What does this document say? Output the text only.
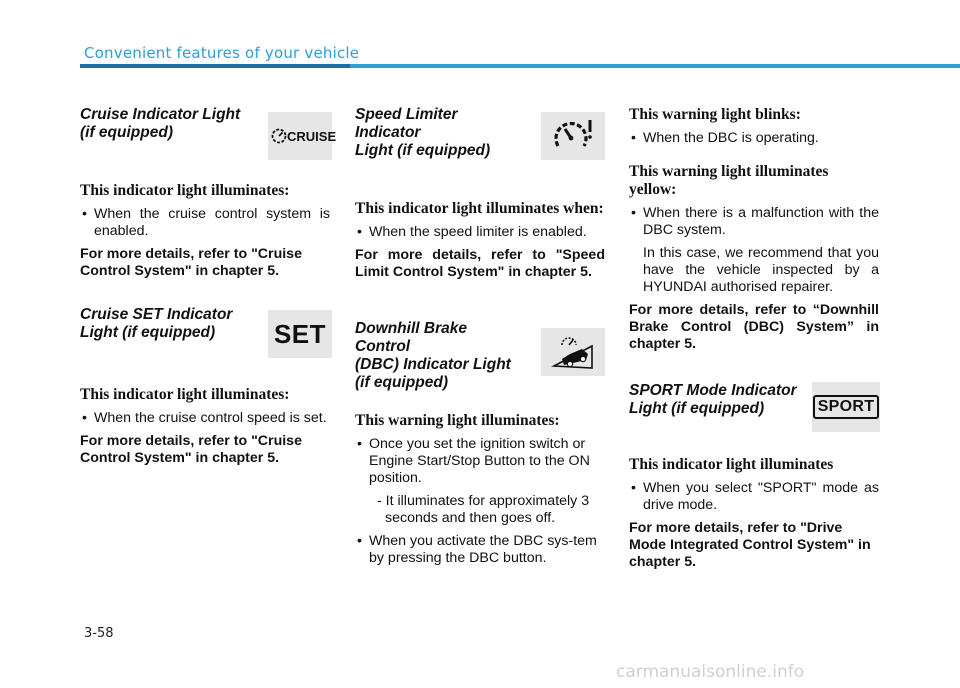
Convenient features of your vehicle

Cruise Indicator Light
(if equipped)	CRUISE

This indicator light illuminates:

• When the cruise control system is enabled.

For more details, refer to "Cruise Control System" in chapter 5.

Cruise SET Indicator
Light (if equipped)	SET

This indicator light illuminates:

• When the cruise control speed is set.

For more details, refer to "Cruise Control System" in chapter 5.

Speed Limiter Indicator
Light (if equipped)

This indicator light illuminates when:

• When the speed limiter is enabled.

For more details, refer to "Speed Limit Control System" in chapter 5.

Downhill Brake Control
(DBC) Indicator Light
(if equipped)

This warning light illuminates:

• Once you set the ignition switch or Engine Start/Stop Button to the ON position.

- It illuminates for approximately 3 seconds and then goes off.

• When you activate the DBC sys-tem by pressing the DBC button.

This warning light blinks:

• When the DBC is operating.

This warning light illuminates yellow:

• When there is a malfunction with the DBC system.

In this case, we recommend that you have the vehicle inspected by a HYUNDAI authorised repairer.

For more details, refer to “Downhill Brake Control (DBC) System” in chapter 5.

SPORT Mode Indicator
Light (if equipped)	SPORT

This indicator light illuminates

• When you select "SPORT" mode as drive mode.

For more details, refer to "Drive Mode Integrated Control System" in chapter 5.

3-58
carmanualsonline.info
